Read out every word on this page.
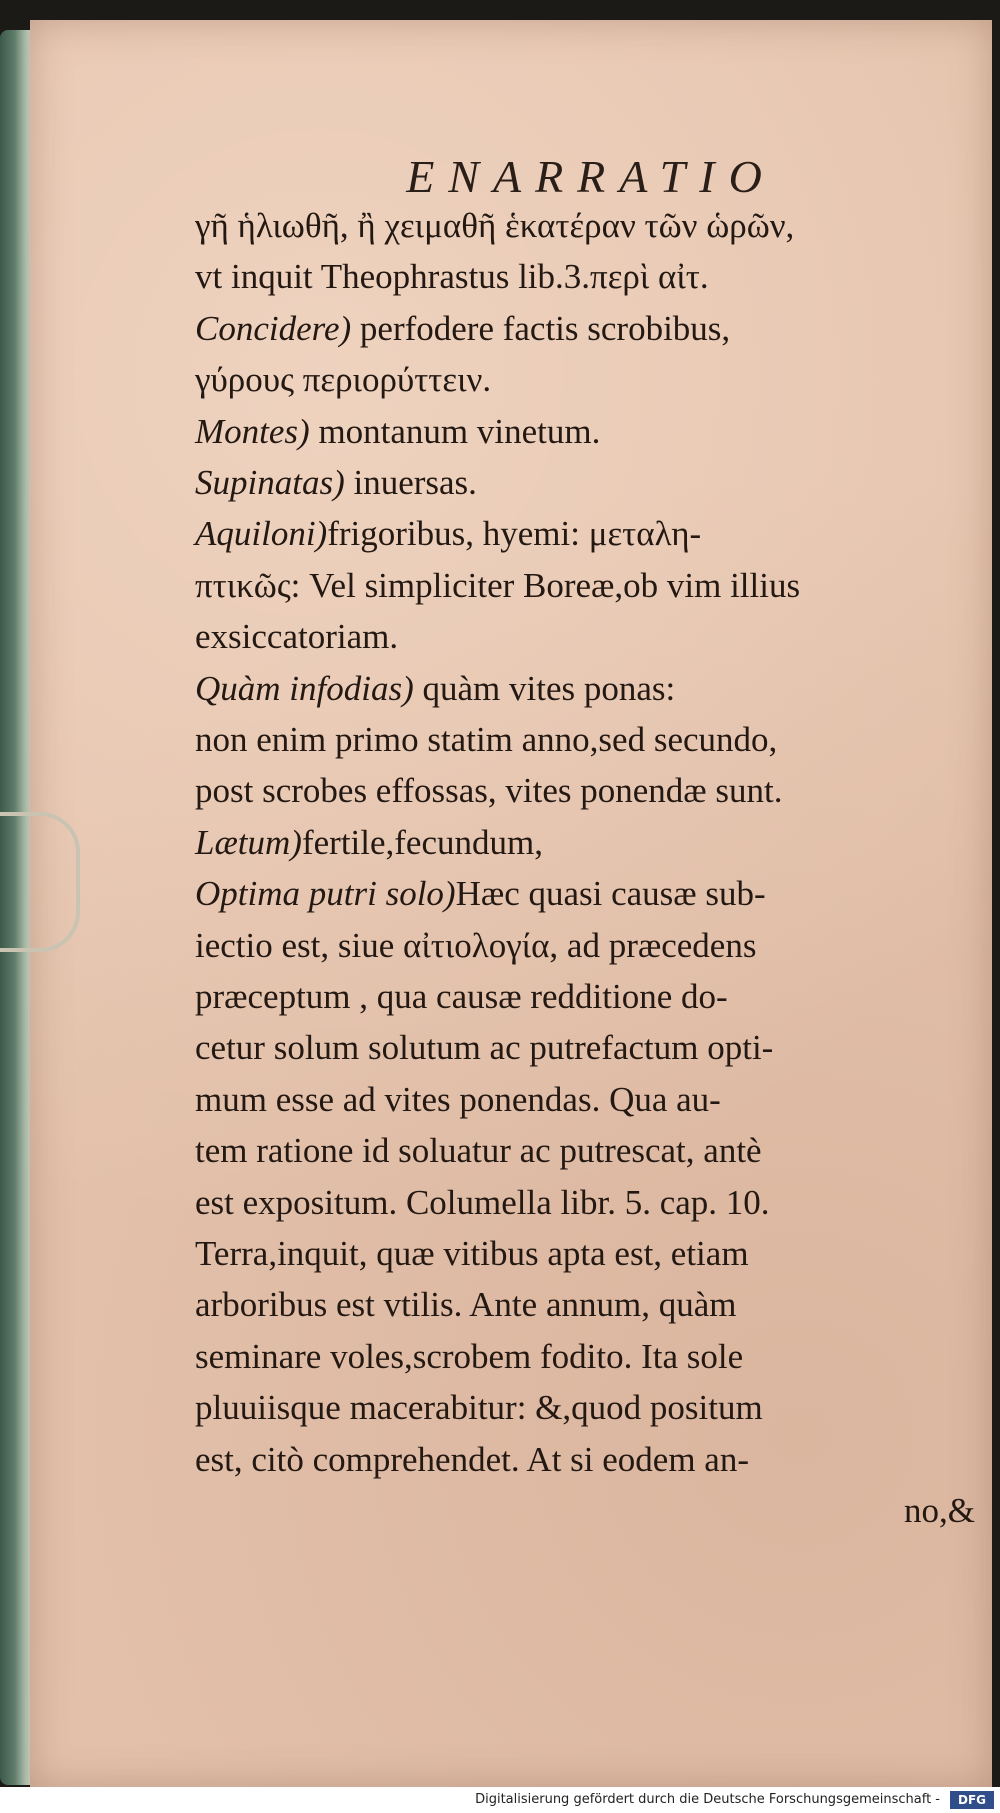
ENARRATIO
γῆ ἡλιωθῆ, ἢ χειμαθῆ ἑκατέραν τῶν ὡρῶν,
vt inquit Theophrastus lib.3.περὶ αἰτ.
Concidere) perfodere factis scrobibus,
γύρους περιορύττειν.
Montes) montanum vinetum.
Supinatas) inuersas.
Aquiloni)frigoribus, hyemi: μεταλη-
πτικῶς: Vel simpliciter Boreæ,ob vim illius
exsiccatoriam.
Quàm infodias) quàm vites ponas:
non enim primo statim anno,sed secundo,
post scrobes effossas, vites ponendæ sunt.
Lætum)fertile,fecundum,
Optima putri solo)Hæc quasi causæ sub-
iectio est, siue αἰτιολογία, ad præcedens
præceptum , qua causæ redditione do-
cetur solum solutum ac putrefactum opti-
mum esse ad vites ponendas. Qua au-
tem ratione id soluatur ac putrescat, antè
est expositum. Columella libr. 5. cap. 10.
Terra,inquit, quæ vitibus apta est, etiam
arboribus est vtilis. Ante annum, quàm
seminare voles,scrobem fodito. Ita sole
pluuiisque macerabitur: &,quod positum
est, citò comprehendet. At si eodem an-
no,&
Digitalisierung gefördert durch die Deutsche Forschungsgemeinschaft -	DFG
